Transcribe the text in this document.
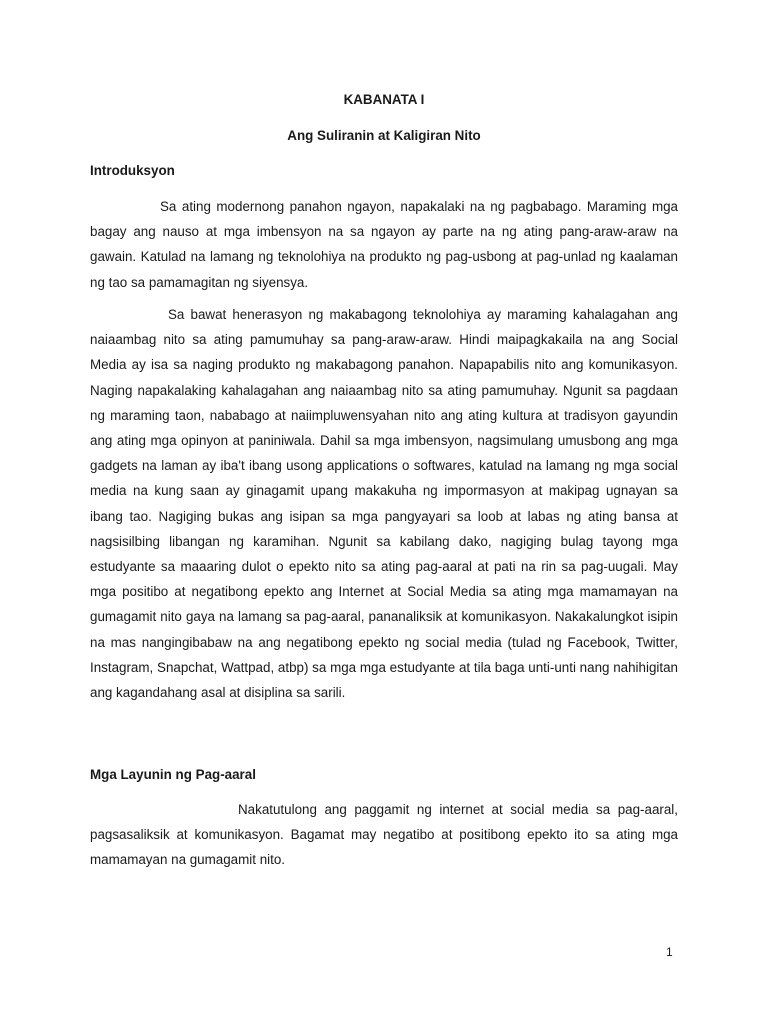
KABANATA I
Ang Suliranin at Kaligiran Nito
Introduksyon

Sa ating modernong panahon ngayon, napakalaki na ng pagbabago. Maraming mga bagay ang nauso at mga imbensyon na sa ngayon ay parte na ng ating pang-araw-araw na gawain. Katulad na lamang ng teknolohiya na produkto ng pag-usbong at pag-unlad ng kaalaman ng tao sa pamamagitan ng siyensya.

Sa bawat henerasyon ng makabagong teknolohiya ay maraming kahalagahan ang naiaambag nito sa ating pamumuhay sa pang-araw-araw. Hindi maipagkakaila na ang Social Media ay isa sa naging produkto ng makabagong panahon. Napapabilis nito ang komunikasyon. Naging napakalaking kahalagahan ang naiaambag nito sa ating pamumuhay. Ngunit sa pagdaan ng maraming taon, nababago at naiimpluwensyahan nito ang ating kultura at tradisyon gayundin ang ating mga opinyon at paniniwala. Dahil sa mga imbensyon, nagsimulang umusbong ang mga gadgets na laman ay iba't ibang usong applications o softwares, katulad na lamang ng mga social media na kung saan ay ginagamit upang makakuha ng impormasyon at makipag ugnayan sa ibang tao. Nagiging bukas ang isipan sa mga pangyayari sa loob at labas ng ating bansa at nagsisilbing libangan ng karamihan. Ngunit sa kabilang dako, nagiging bulag tayong mga estudyante sa maaaring dulot o epekto nito sa ating pag-aaral at pati na rin sa pag-uugali. May mga positibo at negatibong epekto ang Internet at Social Media sa ating mga mamamayan na gumagamit nito gaya na lamang sa pag-aaral, pananaliksik at komunikasyon. Nakakalungkot isipin na mas nangingibabaw na ang negatibong epekto ng social media (tulad ng Facebook, Twitter, Instagram, Snapchat, Wattpad, atbp) sa mga mga estudyante at tila baga unti-unti nang nahihigitan ang kagandahang asal at disiplina sa sarili.

Mga Layunin ng Pag-aaral

Nakatutulong ang paggamit ng internet at social media sa pag-aaral, pagsasaliksik at komunikasyon. Bagamat may negatibo at positibong epekto ito sa ating mga mamamayan na gumagamit nito.

1
